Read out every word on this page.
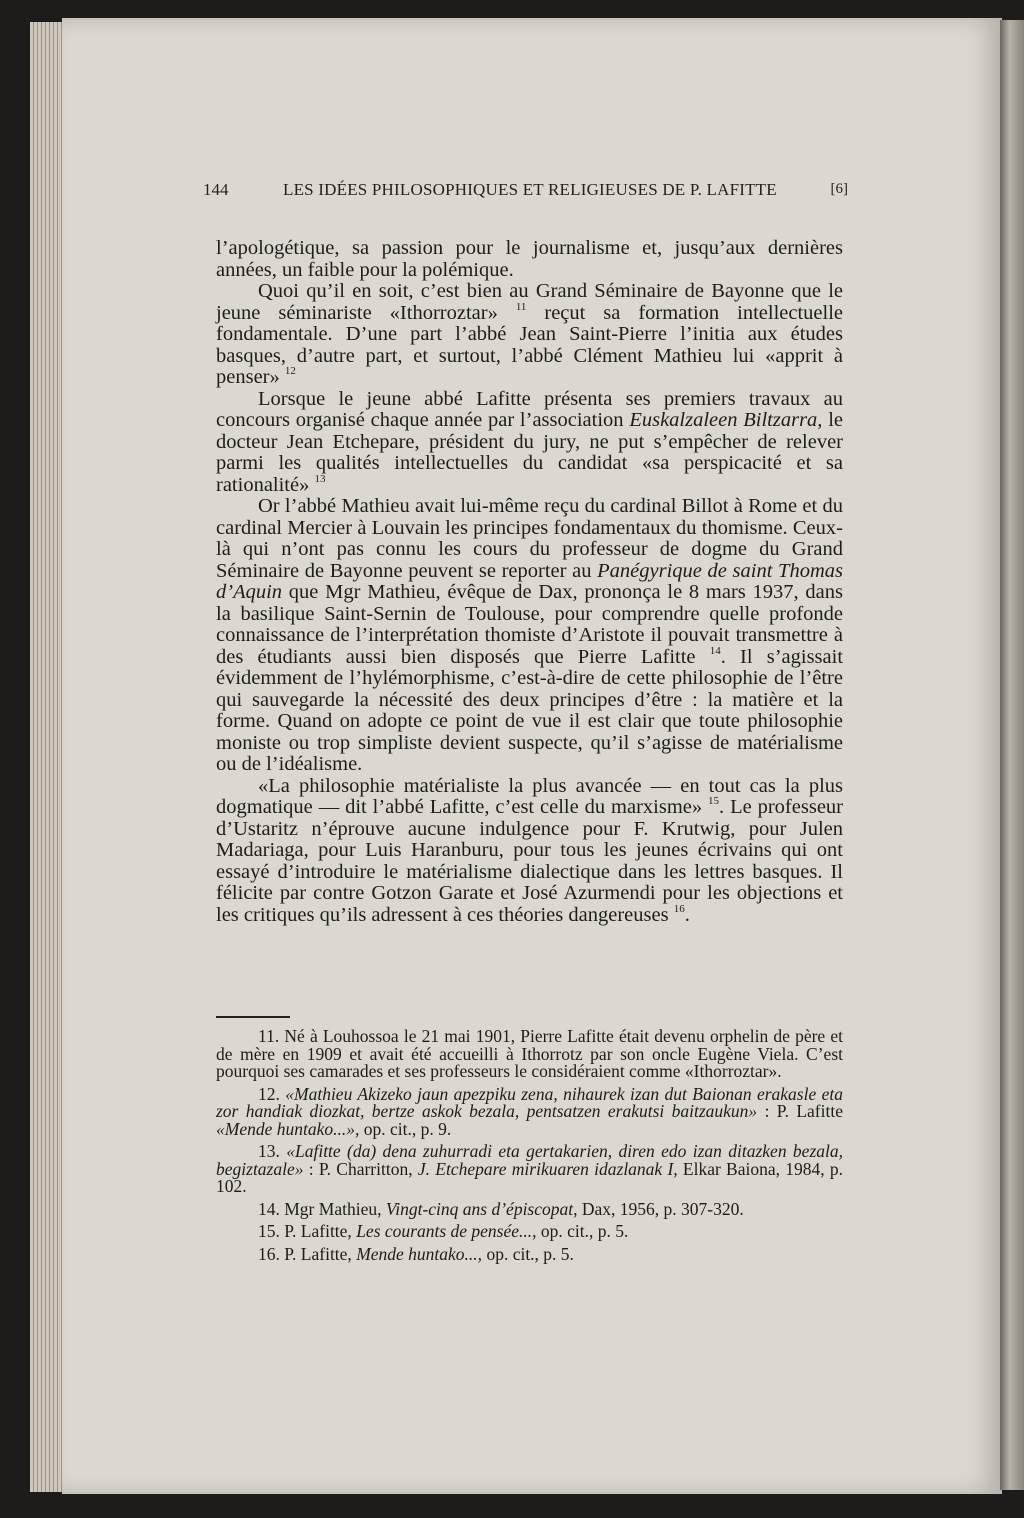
144	LES IDÉES PHILOSOPHIQUES ET RELIGIEUSES DE P. LAFITTE	[6]

l’apologétique, sa passion pour le journalisme et, jusqu’aux dernières années, un faible pour la polémique.

Quoi qu’il en soit, c’est bien au Grand Séminaire de Bayonne que le jeune séminariste «Ithorroztar» $^{11}$ reçut sa formation intellectuelle fondamentale. D’une part l’abbé Jean Saint-Pierre l’initia aux études basques, d’autre part, et surtout, l’abbé Clément Mathieu lui «apprit à penser» $^{12}$

Lorsque le jeune abbé Lafitte présenta ses premiers travaux au concours organisé chaque année par l’association Euskalzaleen Biltzarra, le docteur Jean Etchepare, président du jury, ne put s’empêcher de relever parmi les qualités intellectuelles du candidat «sa perspicacité et sa rationalité» $^{13}$

Or l’abbé Mathieu avait lui-même reçu du cardinal Billot à Rome et du cardinal Mercier à Louvain les principes fondamentaux du thomisme. Ceux-là qui n’ont pas connu les cours du professeur de dogme du Grand Séminaire de Bayonne peuvent se reporter au Panégyrique de saint Thomas d’Aquin que Mgr Mathieu, évêque de Dax, prononça le 8 mars 1937, dans la basilique Saint-Sernin de Toulouse, pour comprendre quelle profonde connaissance de l’interprétation thomiste d’Aristote il pouvait transmettre à des étudiants aussi bien disposés que Pierre Lafitte $^{14}$. Il s’agissait évidemment de l’hylémorphisme, c’est-à-dire de cette philosophie de l’être qui sauvegarde la nécessité des deux principes d’être : la matière et la forme. Quand on adopte ce point de vue il est clair que toute philosophie moniste ou trop simpliste devient suspecte, qu’il s’agisse de matérialisme ou de l’idéalisme.

«La philosophie matérialiste la plus avancée — en tout cas la plus dogmatique — dit l’abbé Lafitte, c’est celle du marxisme» $^{15}$. Le professeur d’Ustaritz n’éprouve aucune indulgence pour F. Krutwig, pour Julen Madariaga, pour Luis Haranburu, pour tous les jeunes écrivains qui ont essayé d’introduire le matérialisme dialectique dans les lettres basques. Il félicite par contre Gotzon Garate et José Azurmendi pour les objections et les critiques qu’ils adressent à ces théories dangereuses $^{16}$.

11. Né à Louhossoa le 21 mai 1901, Pierre Lafitte était devenu orphelin de père et de mère en 1909 et avait été accueilli à Ithorrotz par son oncle Eugène Viela. C’est pourquoi ses camarades et ses professeurs le considéraient comme «Ithorroztar».

12. «Mathieu Akizeko jaun apezpiku zena, nihaurek izan dut Baionan erakasle eta zor handiak diozkat, bertze askok bezala, pentsatzen erakutsi baitzaukun» : P. Lafitte «Mende huntako...», op. cit., p. 9.

13. «Lafitte (da) dena zuhurradi eta gertakarien, diren edo izan ditazken bezala, begiztazale» : P. Charritton, J. Etchepare mirikuaren idazlanak I, Elkar Baiona, 1984, p. 102.

14. Mgr Mathieu, Vingt-cinq ans d’épiscopat, Dax, 1956, p. 307-320.

15. P. Lafitte, Les courants de pensée..., op. cit., p. 5.

16. P. Lafitte, Mende huntako..., op. cit., p. 5.
